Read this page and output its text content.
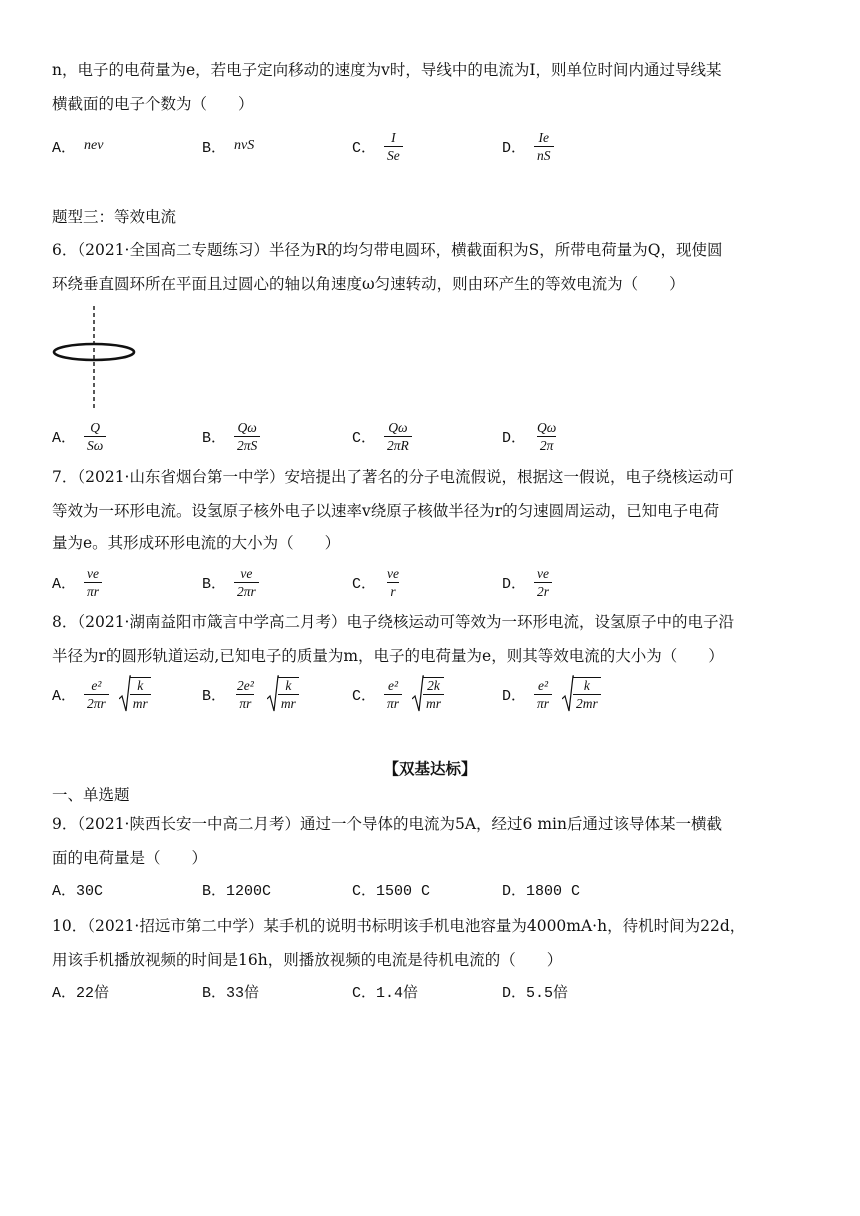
n，电子的电荷量为e，若电子定向移动的速度为v时，导线中的电流为I，则单位时间内通过导线某
横截面的电子个数为（　　）
A． nev	B． nvS	C． $\frac{I}{Se}$	D． $\frac{Ie}{nS}$
题型三：等效电流
6．（2021·全国高二专题练习）半径为R的均匀带电圆环，横截面积为S，所带电荷量为Q，现使圆
环绕垂直圆环所在平面且过圆心的轴以角速度ω匀速转动，则由环产生的等效电流为（　　）
A． $\frac{Q}{S\omega}$	B． $\frac{Q\omega}{2\pi S}$	C． $\frac{Q\omega}{2\pi R}$	D． $\frac{Q\omega}{2\pi}$
7．（2021·山东省烟台第一中学）安培提出了著名的分子电流假说，根据这一假说，电子绕核运动可
等效为一环形电流。设氢原子核外电子以速率v绕原子核做半径为r的匀速圆周运动，已知电子电荷
量为e。其形成环形电流的大小为（　　）
A． $\frac{ve}{\pi r}$	B． $\frac{ve}{2\pi r}$	C． $\frac{ve}{r}$	D． $\frac{ve}{2r}$
8．（2021·湖南益阳市箴言中学高二月考）电子绕核运动可等效为一环形电流，设氢原子中的电子沿
半径为r的圆形轨道运动,已知电子的质量为m，电子的电荷量为e，则其等效电流的大小为（　　）
A． $\frac{\text{e²}}{2\pi r} \frac{k}{mr}$	B． $\frac{\text{2e²}}{\pi r} \frac{k}{mr}$	C． $\frac{\text{e²}}{\pi r} \frac{2k}{mr}$	D． $\frac{\text{e²}}{\pi r} \frac{k}{2mr}$
【双基达标】
一、单选题
9．（2021·陕西长安一中高二月考）通过一个导体的电流为5A，经过6 min后通过该导体某一横截
面的电荷量是（　　）
A．30C	B．1200C	C．1500 C	D．1800 C
10．（2021·招远市第二中学）某手机的说明书标明该手机电池容量为4000mA·h，待机时间为22d，
用该手机播放视频的时间是16h，则播放视频的电流是待机电流的（　　）
A．22倍	B．33倍	C．1.4倍	D．5.5倍
